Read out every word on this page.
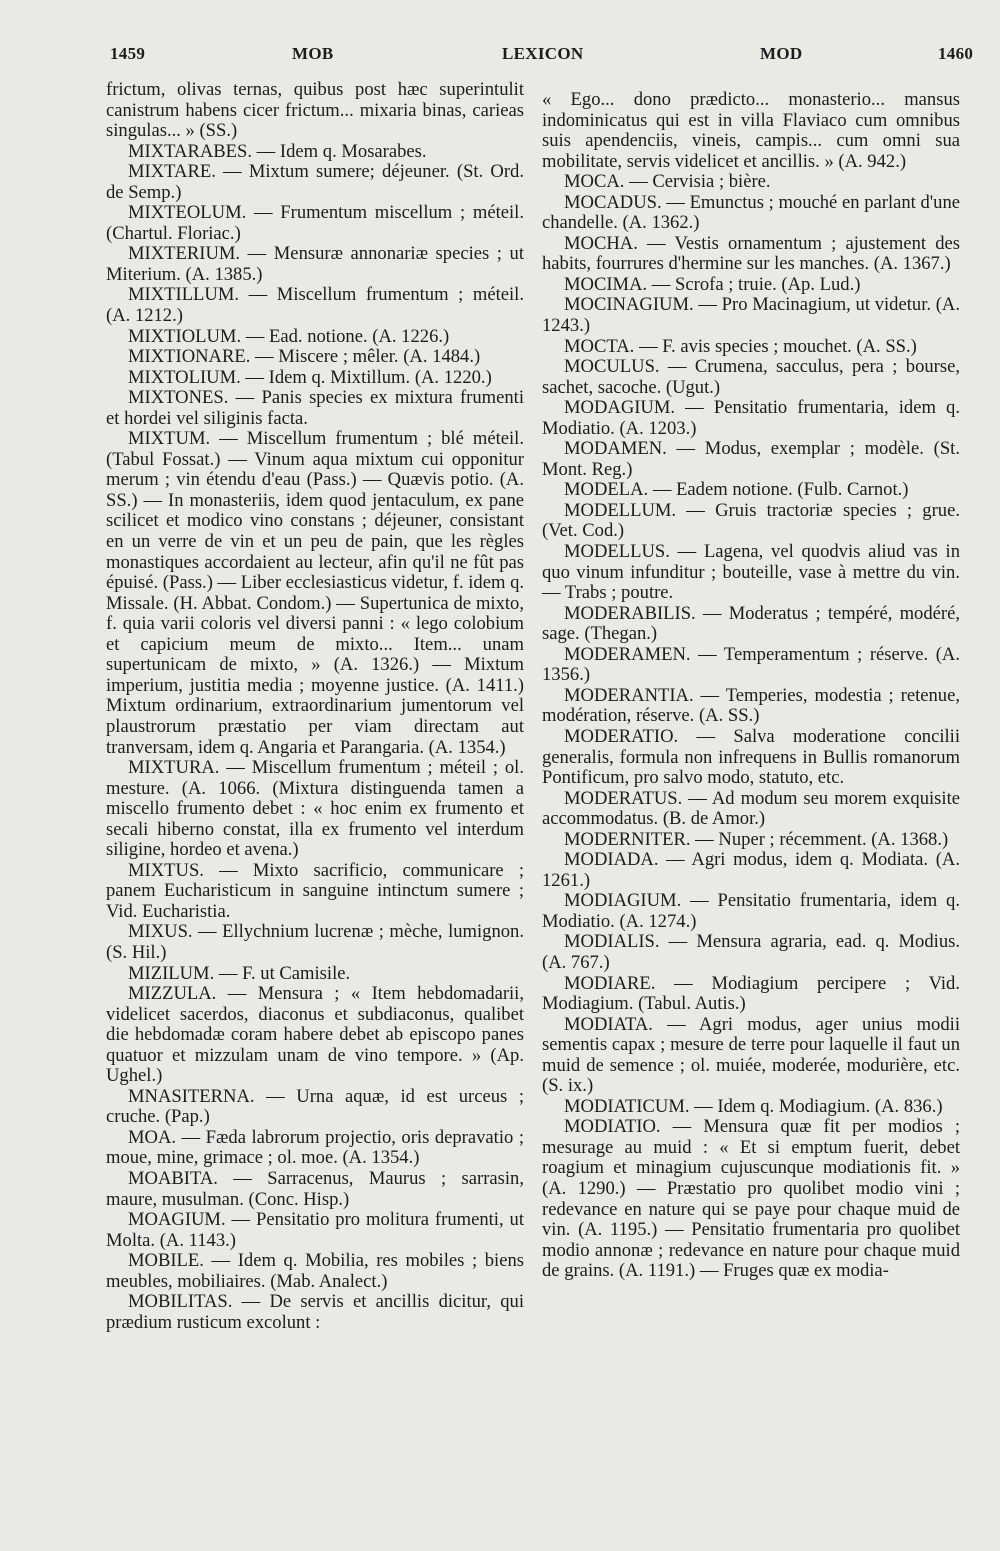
1459	MOB	LEXICON	MOD	1460

frictum, olivas ternas, quibus post hæc superintulit canistrum habens cicer frictum... mixaria binas, carieas singulas... » (SS.)

MIXTARABES. — Idem q. Mosarabes.

MIXTARE. — Mixtum sumere; déjeuner. (St. Ord. de Semp.)

MIXTEOLUM. — Frumentum miscellum ; méteil. (Chartul. Floriac.)

MIXTERIUM. — Mensuræ annonariæ species ; ut Miterium. (A. 1385.)

MIXTILLUM. — Miscellum frumentum ; méteil. (A. 1212.)

MIXTIOLUM. — Ead. notione. (A. 1226.)

MIXTIONARE. — Miscere ; mêler. (A. 1484.)

MIXTOLIUM. — Idem q. Mixtillum. (A. 1220.)

MIXTONES. — Panis species ex mixtura frumenti et hordei vel siliginis facta.

MIXTUM. — Miscellum frumentum ; blé méteil. (Tabul Fossat.) — Vinum aqua mixtum cui opponitur merum ; vin étendu d'eau (Pass.) — Quævis potio. (A. SS.) — In monasteriis, idem quod jentaculum, ex pane scilicet et modico vino constans ; déjeuner, consistant en un verre de vin et un peu de pain, que les règles monastiques accordaient au lecteur, afin qu'il ne fût pas épuisé. (Pass.) — Liber ecclesiasticus videtur, f. idem q. Missale. (H. Abbat. Condom.) — Supertunica de mixto, f. quia varii coloris vel diversi panni : « lego colobium et capicium meum de mixto... Item... unam supertunicam de mixto, » (A. 1326.) — Mixtum imperium, justitia media ; moyenne justice. (A. 1411.) Mixtum ordinarium, extraordinarium jumentorum vel plaustrorum præstatio per viam directam aut tranversam, idem q. Angaria et Parangaria. (A. 1354.)

MIXTURA. — Miscellum frumentum ; méteil ; ol. mesture. (A. 1066. (Mixtura distinguenda tamen a miscello frumento debet : « hoc enim ex frumento et secali hiberno constat, illa ex frumento vel interdum siligine, hordeo et avena.)

MIXTUS. — Mixto sacrificio, communicare ; panem Eucharisticum in sanguine intinctum sumere ; Vid. Eucharistia.

MIXUS. — Ellychnium lucrenæ ; mèche, lumignon. (S. Hil.)

MIZILUM. — F. ut Camisile.

MIZZULA. — Mensura ; « Item hebdomadarii, videlicet sacerdos, diaconus et subdiaconus, qualibet die hebdomadæ coram habere debet ab episcopo panes quatuor et mizzulam unam de vino tempore. » (Ap. Ughel.)

MNASITERNA. — Urna aquæ, id est urceus ; cruche. (Pap.)

MOA. — Fæda labrorum projectio, oris depravatio ; moue, mine, grimace ; ol. moe. (A. 1354.)

MOABITA. — Sarracenus, Maurus ; sarrasin, maure, musulman. (Conc. Hisp.)

MOAGIUM. — Pensitatio pro molitura frumenti, ut Molta. (A. 1143.)

MOBILE. — Idem q. Mobilia, res mobiles ; biens meubles, mobiliaires. (Mab. Analect.)

MOBILITAS. — De servis et ancillis dicitur, qui prædium rusticum excolunt :

« Ego... dono prædicto... monasterio... mansus indominicatus qui est in villa Flaviaco cum omnibus suis apendenciis, vineis, campis... cum omni sua mobilitate, servis videlicet et ancillis. » (A. 942.)

MOCA. — Cervisia ; bière.

MOCADUS. — Emunctus ; mouché en parlant d'une chandelle. (A. 1362.)

MOCHA. — Vestis ornamentum ; ajustement des habits, fourrures d'hermine sur les manches. (A. 1367.)

MOCIMA. — Scrofa ; truie. (Ap. Lud.)

MOCINAGIUM. — Pro Macinagium, ut videtur. (A. 1243.)

MOCTA. — F. avis species ; mouchet. (A. SS.)

MOCULUS. — Crumena, sacculus, pera ; bourse, sachet, sacoche. (Ugut.)

MODAGIUM. — Pensitatio frumentaria, idem q. Modiatio. (A. 1203.)

MODAMEN. — Modus, exemplar ; modèle. (St. Mont. Reg.)

MODELA. — Eadem notione. (Fulb. Carnot.)

MODELLUM. — Gruis tractoriæ species ; grue. (Vet. Cod.)

MODELLUS. — Lagena, vel quodvis aliud vas in quo vinum infunditur ; bouteille, vase à mettre du vin. — Trabs ; poutre.

MODERABILIS. — Moderatus ; tempéré, modéré, sage. (Thegan.)

MODERAMEN. — Temperamentum ; réserve. (A. 1356.)

MODERANTIA. — Temperies, modestia ; retenue, modération, réserve. (A. SS.)

MODERATIO. — Salva moderatione concilii generalis, formula non infrequens in Bullis romanorum Pontificum, pro salvo modo, statuto, etc.

MODERATUS. — Ad modum seu morem exquisite accommodatus. (B. de Amor.)

MODERNITER. — Nuper ; récemment. (A. 1368.)

MODIADA. — Agri modus, idem q. Modiata. (A. 1261.)

MODIAGIUM. — Pensitatio frumentaria, idem q. Modiatio. (A. 1274.)

MODIALIS. — Mensura agraria, ead. q. Modius. (A. 767.)

MODIARE. — Modiagium percipere ; Vid. Modiagium. (Tabul. Autis.)

MODIATA. — Agri modus, ager unius modii sementis capax ; mesure de terre pour laquelle il faut un muid de semence ; ol. muiée, moderée, modurière, etc. (S. ix.)

MODIATICUM. — Idem q. Modiagium. (A. 836.)

MODIATIO. — Mensura quæ fit per modios ; mesurage au muid : « Et si emptum fuerit, debet roagium et minagium cujuscunque modiationis fit. » (A. 1290.) — Præstatio pro quolibet modio vini ; redevance en nature qui se paye pour chaque muid de vin. (A. 1195.) — Pensitatio frumentaria pro quolibet modio annonæ ; redevance en nature pour chaque muid de grains. (A. 1191.) — Fruges quæ ex modia-
